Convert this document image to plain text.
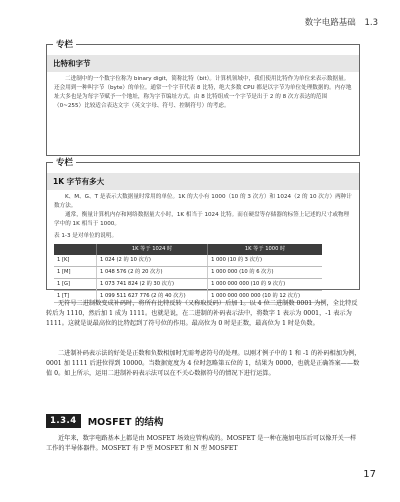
数字电路基础 1.3
专栏
比特和字节

二进制中的一个数字位称为 binary digit，简称比特（bit）。计算机领域中，我们使用比特作为单位来表示数据量。还会用到一种叫字节（byte）的单位。通常一个字节代表 8 比特，绝大多数 CPU 都是以字节为单位处理数据的。内存地址大多也是为每字节赋予一个地址，称为字节编址方式。由 8 比特组成一个字节是出于 2 的 8 次方表达的范围（0~255）比较适合表达文字（英文字母、符号、控制符号）的考虑。

专栏
1K 字节有多大

K、M、G、T 是表示大数据量时常用的单位。1K 的大小有 1000（10 的 3 次方）和 1024（2 的 10 次方）两种计数方法。

通常，衡量计算机内存和网络数据量大小时，1K 相当于 1024 比特。而在硬盘等存储器的标签上记述的尺寸或物理学中的 1K 相当于 1000。

表 1-3 是对单位的说明。
	1K 等于 1024 时	1K 等于 1000 时
1 [K]	1 024 (2 的 10 次方)	1 000 (10 的 3 次方)
1 [M]	1 048 576 (2 的 20 次方)	1 000 000 (10 的 6 次方)
1 [G]	1 073 741 824 (2 的 30 次方)	1 000 000 000 (10 的 9 次方)
1 [T]	1 099 511 627 776 (2 的 40 次方)	1 000 000 000 000 (10 的 12 次方)

无符号二进制数变成补码时，将所有比特反转（又称取反码）后加 1。以 4 位二进制数 0001 为例，全比特反转后为 1110，然后加 1 成为 1111。也就是说，在二进制的补码表示法中，将数字 1 表示为 0001，-1 表示为 1111。这就是说最高位的比特起到了符号位的作用。最高位为 0 时是正数，最高位为 1 时是负数。

二进制补码表示法的好处是正数和负数相加时无需考虑符号的处理。以刚才例子中的 1 和 -1 的补码相加为例，0001 加 1111 后进位得到 10000。当数据宽度为 4 位时忽略第五位的 1，结果为 0000，也就是正确答案——数值 0。如上所示，运用二进制补码表示法可以在不关心数据符号的情况下进行运算。

1.3.4	MOSFET 的结构

近年来，数字电路基本上都是由 MOSFET 场效应管构成的。MOSFET 是一种在施加电压后可以像开关一样工作的半导体器件。MOSFET 有 P 型 MOSFET 和 N 型 MOSFET

17
